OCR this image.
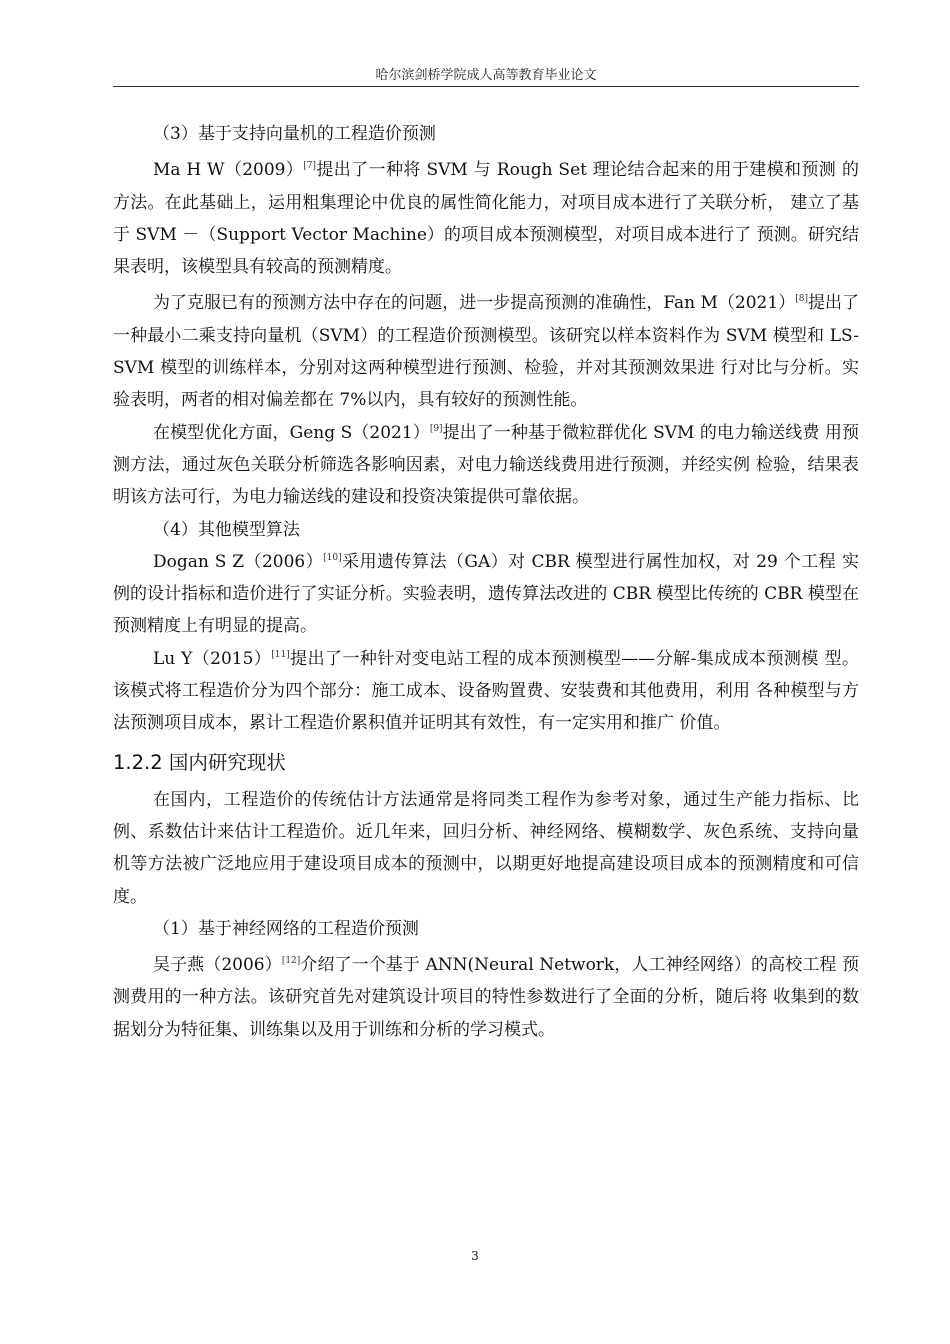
哈尔滨剑桥学院成人高等教育毕业论文
（3）基于支持向量机的工程造价预测

Ma H W（2009）[7]提出了一种将 SVM 与 Rough Set 理论结合起来的用于建模和预测 的方法。在此基础上，运用粗集理论中优良的属性简化能力，对项目成本进行了关联分析， 建立了基于 SVM －（Support Vector Machine）的项目成本预测模型，对项目成本进行了 预测。研究结果表明，该模型具有较高的预测精度。

为了克服已有的预测方法中存在的问题，进一步提高预测的准确性，Fan M（2021）[8]提出了一种最小二乘支持向量机（SVM）的工程造价预测模型。该研究以样本资料作为 SVM 模型和 LS-SVM 模型的训练样本，分别对这两种模型进行预测、检验，并对其预测效果进 行对比与分析。实验表明，两者的相对偏差都在 7%以内，具有较好的预测性能。

在模型优化方面，Geng S（2021）[9]提出了一种基于微粒群优化 SVM 的电力输送线费 用预测方法，通过灰色关联分析筛选各影响因素，对电力输送线费用进行预测，并经实例 检验，结果表明该方法可行，为电力输送线的建设和投资决策提供可靠依据。

（4）其他模型算法

Dogan S Z（2006）[10]采用遗传算法（GA）对 CBR 模型进行属性加权，对 29 个工程 实例的设计指标和造价进行了实证分析。实验表明，遗传算法改进的 CBR 模型比传统的 CBR 模型在预测精度上有明显的提高。

Lu Y（2015）[11]提出了一种针对变电站工程的成本预测模型——分解-集成成本预测模 型。该模式将工程造价分为四个部分：施工成本、设备购置费、安装费和其他费用，利用 各种模型与方法预测项目成本，累计工程造价累积值并证明其有效性，有一定实用和推广 价值。

1.2.2 国内研究现状

在国内，工程造价的传统估计方法通常是将同类工程作为参考对象，通过生产能力指标、比例、系数估计来估计工程造价。近几年来，回归分析、神经网络、模糊数学、灰色系统、支持向量机等方法被广泛地应用于建设项目成本的预测中，以期更好地提高建设项目成本的预测精度和可信度。

（1）基于神经网络的工程造价预测

吴子燕（2006）[12]介绍了一个基于 ANN(Neural Network，人工神经网络）的高校工程 预测费用的一种方法。该研究首先对建筑设计项目的特性参数进行了全面的分析，随后将 收集到的数据划分为特征集、训练集以及用于训练和分析的学习模式。

3
